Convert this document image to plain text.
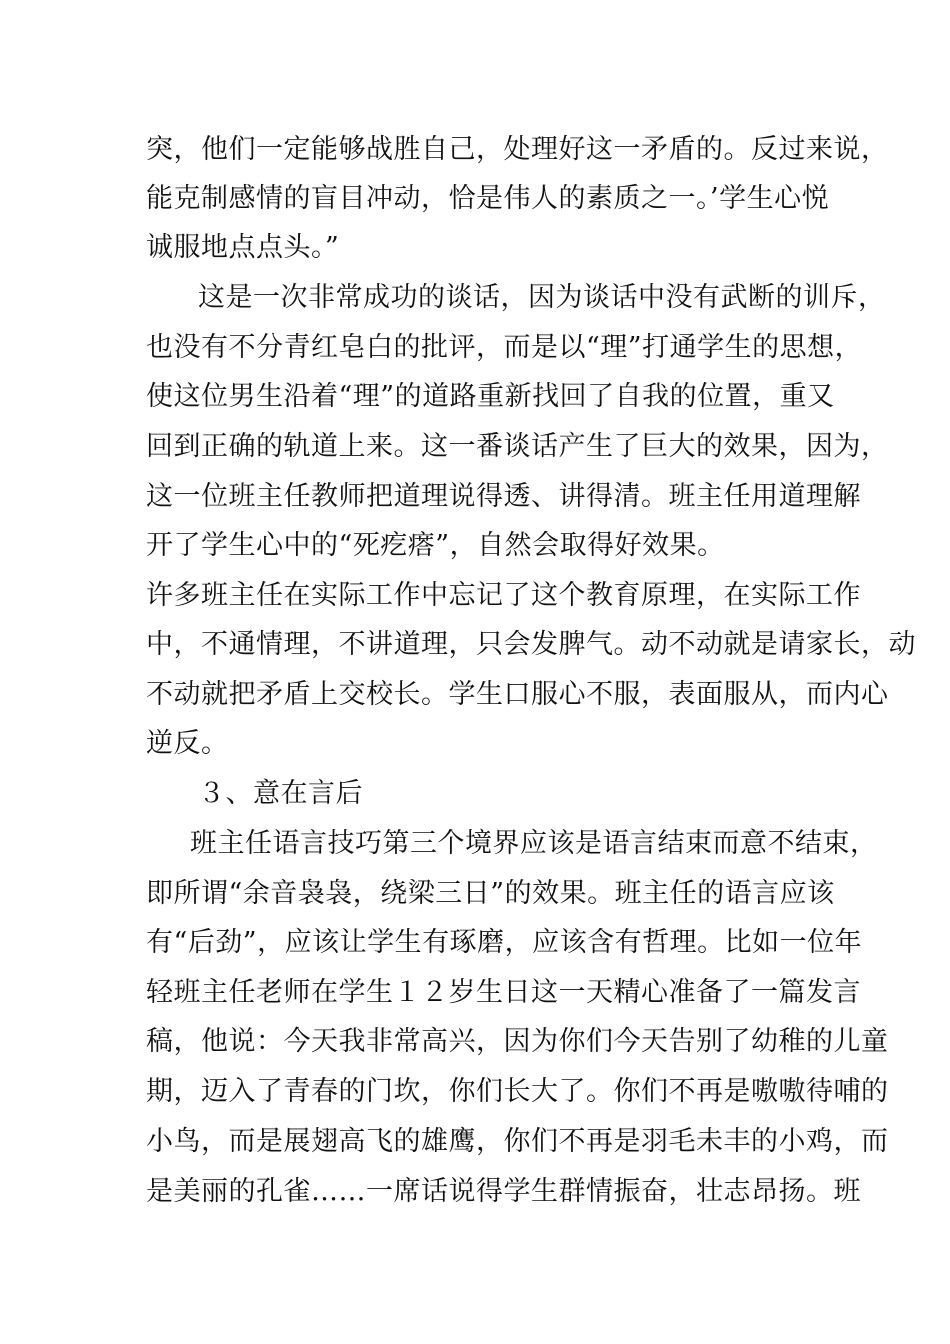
突，他们一定能够战胜自己，处理好这一矛盾的。反过来说，
能克制感情的盲目冲动，恰是伟人的素质之一。’学生心悦
诚服地点点头。”
这是一次非常成功的谈话，因为谈话中没有武断的训斥，
也没有不分青红皂白的批评，而是以“理”打通学生的思想，
使这位男生沿着“理”的道路重新找回了自我的位置，重又
回到正确的轨道上来。这一番谈话产生了巨大的效果，因为，
这一位班主任教师把道理说得透、讲得清。班主任用道理解
开了学生心中的“死疙瘩”，自然会取得好效果。
许多班主任在实际工作中忘记了这个教育原理，在实际工作
中，不通情理，不讲道理，只会发脾气。动不动就是请家长，动
不动就把矛盾上交校长。学生口服心不服，表面服从，而内心
逆反。
３、意在言后
班主任语言技巧第三个境界应该是语言结束而意不结束，
即所谓“余音袅袅，绕梁三日”的效果。班主任的语言应该
有“后劲”，应该让学生有琢磨，应该含有哲理。比如一位年
轻班主任老师在学生１２岁生日这一天精心准备了一篇发言
稿，他说：今天我非常高兴，因为你们今天告别了幼稚的儿童
期，迈入了青春的门坎，你们长大了。你们不再是嗷嗷待哺的
小鸟，而是展翅高飞的雄鹰，你们不再是羽毛未丰的小鸡，而
是美丽的孔雀……一席话说得学生群情振奋，壮志昂扬。班
